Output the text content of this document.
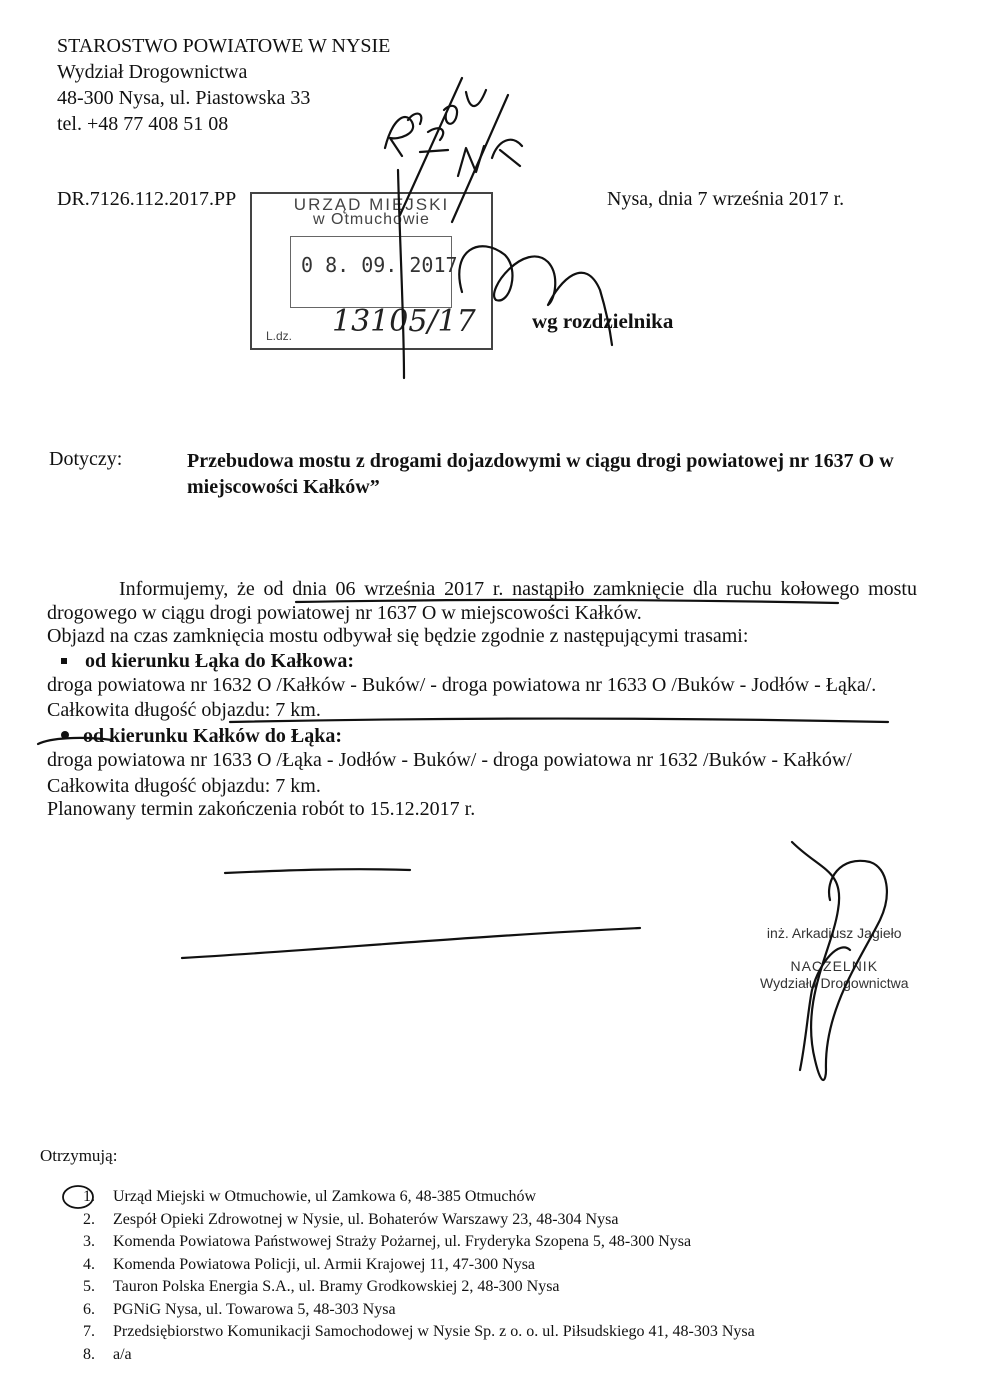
STAROSTWO POWIATOWE W NYSIE
Wydział Drogownictwa
48-300 Nysa, ul. Piastowska 33
tel. +48 77 408 51 08
DR.7126.112.2017.PP	Nysa, dnia 7 września 2017 r.
URZĄD MIEJSKI
w Otmuchowie
0 8. 09. 2017
L.dz. 13105/17	wg rozdzielnika
Dotyczy:	Przebudowa mostu z drogami dojazdowymi w ciągu drogi powiatowej nr 1637 O w miejscowości Kałków”
Informujemy, że od dnia 06 września 2017 r. nastąpiło zamknięcie dla ruchu kołowego mostu drogowego w ciągu drogi powiatowej nr 1637 O w miejscowości Kałków.
Objazd na czas zamknięcia mostu odbywał się będzie zgodnie z następującymi trasami:
od kierunku Łąka do Kałkowa:
droga powiatowa nr 1632 O /Kałków - Buków/ - droga powiatowa nr 1633 O /Buków - Jodłów - Łąka/.
Całkowita długość objazdu: 7 km.
od kierunku Kałków do Łąka:
droga powiatowa nr 1633 O /Łąka - Jodłów - Buków/ - droga powiatowa nr 1632 /Buków - Kałków/
Całkowita długość objazdu: 7 km.
Planowany termin zakończenia robót to 15.12.2017 r.
inż. Arkadiusz Jagieło
NACZELNIK
Wydziału Drogownictwa
Otrzymują:
1.	Urząd Miejski w Otmuchowie, ul Zamkowa 6, 48-385 Otmuchów
2.	Zespół Opieki Zdrowotnej w Nysie, ul. Bohaterów Warszawy 23, 48-304 Nysa
3.	Komenda Powiatowa Państwowej Straży Pożarnej, ul. Fryderyka Szopena 5, 48-300 Nysa
4.	Komenda Powiatowa Policji, ul. Armii Krajowej 11, 47-300 Nysa
5.	Tauron Polska Energia S.A., ul. Bramy Grodkowskiej 2, 48-300 Nysa
6.	PGNiG Nysa, ul. Towarowa 5, 48-303 Nysa
7.	Przedsiębiorstwo Komunikacji Samochodowej w Nysie Sp. z o. o. ul. Piłsudskiego 41, 48-303 Nysa
8.	a/a
